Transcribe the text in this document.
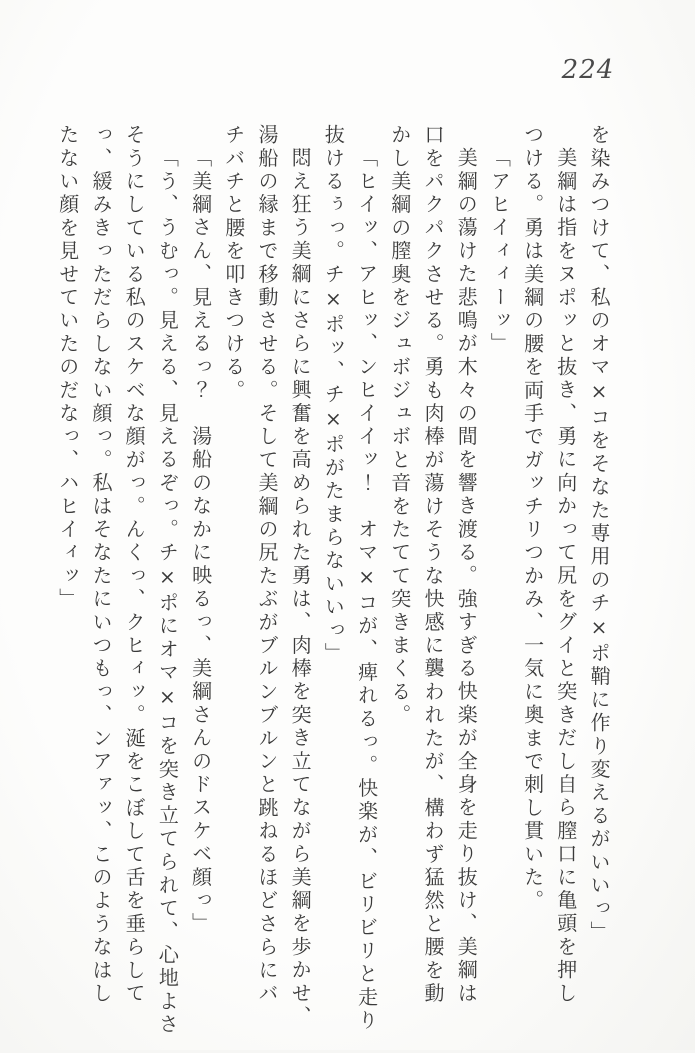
224
を染みつけて、私のオマ×コをそなた専用のチ×ポ鞘に作り変えるがいいっ」
美綱は指をヌポッと抜き、勇に向かって尻をグイと突きだし自ら膣口に亀頭を押し
つける。勇は美綱の腰を両手でガッチリつかみ、一気に奥まで刺し貫いた。
「アヒイィィーッ」
美綱の蕩けた悲鳴が木々の間を響き渡る。強すぎる快楽が全身を走り抜け、美綱は
口をパクパクさせる。勇も肉棒が蕩けそうな快感に襲われたが、構わず猛然と腰を動
かし美綱の膣奥をジュボジュボと音をたてて突きまくる。
「ヒイッ、アヒッ、ンヒイイッ！　オマ×コが、痺れるっ。快楽が、ビリビリと走り
抜けるぅっ。チ×ポッ、チ×ポがたまらないいっ」
悶え狂う美綱にさらに興奮を高められた勇は、肉棒を突き立てながら美綱を歩かせ、
湯船の縁まで移動させる。そして美綱の尻たぶがブルンブルンと跳ねるほどさらにバ
チバチと腰を叩きつける。
「美綱さん、見えるっ？　湯船のなかに映るっ、美綱さんのドスケベ顔っ」
「う、うむっ。見える、見えるぞっ。チ×ポにオマ×コを突き立てられて、心地よさ
そうにしている私のスケベな顔がっ。んくっ、クヒィッ。涎をこぼして舌を垂らして
っ、緩みきっただらしない顔っ。私はそなたにいつもっ、ンアァッ、このようなはし
たない顔を見せていたのだなっ、ハヒイィッ」
